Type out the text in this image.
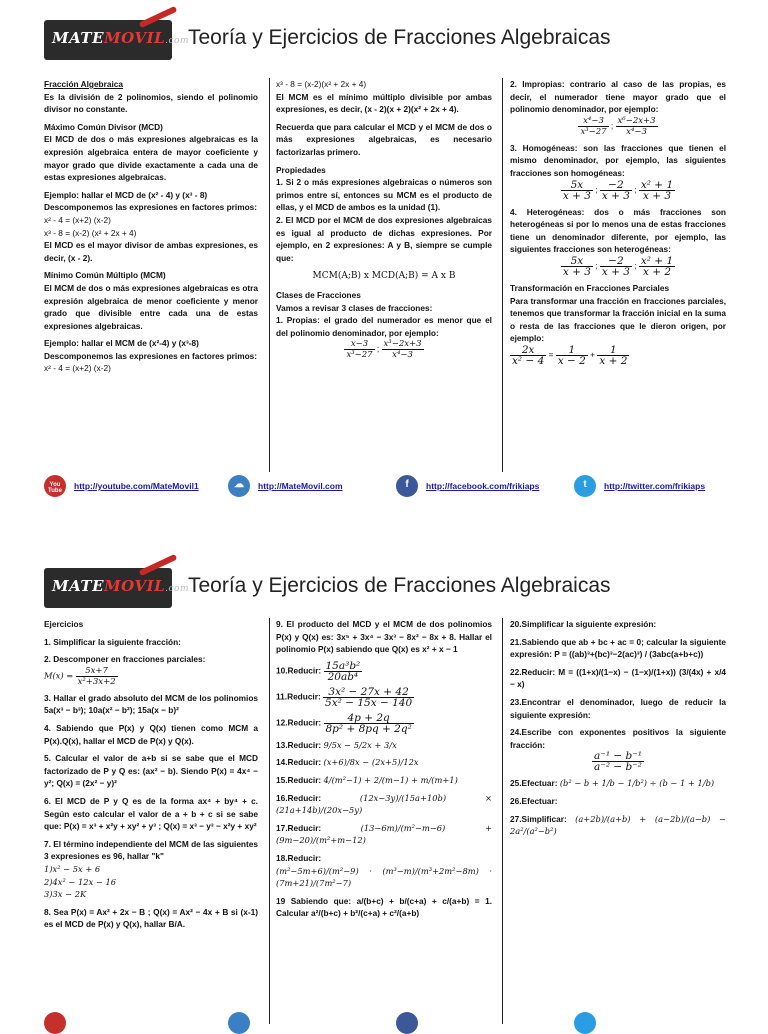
MATEMOVIL.com Teoría y Ejercicios de Fracciones Algebraicas
Fracción Algebraica
Es la división de 2 polinomios, siendo el polinomio divisor no constante.
Máximo Común Divisor (MCD)
El MCD de dos o más expresiones algebraicas es la expresión algebraica entera de mayor coeficiente y mayor grado que divide exactamente a cada una de estas expresiones algebraicas.
Ejemplo: hallar el MCD de (x² - 4) y (x³ - 8)
Descomponemos las expresiones en factores primos:
x² - 4 = (x+2) (x-2)
x³ - 8 = (x-2) (x² + 2x + 4)
El MCD es el mayor divisor de ambas expresiones, es decir, (x - 2).
Mínimo Común Múltiplo (MCM)
El MCM de dos o más expresiones algebraicas es otra expresión algebraica de menor coeficiente y menor grado que divisible entre cada una de estas expresiones algebraicas.
Ejemplo: hallar el MCM de (x²-4) y (x³-8)
Descomponemos las expresiones en factores primos:
x² - 4 = (x+2) (x-2)
x³ - 8 = (x-2)(x² + 2x + 4)
El MCM es el mínimo múltiplo divisible por ambas expresiones, es decir, (x - 2)(x + 2)(x² + 2x + 4).
Recuerda que para calcular el MCD y el MCM de dos o más expresiones algebraicas, es necesario factorizarlas primero.
Propiedades
1. Si 2 o más expresiones algebraicas o números son primos entre sí, entonces su MCM es el producto de ellas, y el MCD de ambos es la unidad (1).
2. El MCD por el MCM de dos expresiones algebraicas es igual al producto de dichas expresiones. Por ejemplo, en 2 expresiones: A y B, siempre se cumple que:
MCM(A;B) x MCD(A;B) = A x B
Clases de Fracciones
Vamos a revisar 3 clases de fracciones:
1. Propias: el grado del numerador es menor que el del polinomio denominador, por ejemplo:
$\frac{x-3}{\text{x³−27}}$ ; $\frac{\text{x³−2x+3}}{\text{x⁴−3}}$
2. Impropias: contrario al caso de las propias, es decir, el numerador tiene mayor grado que el polinomio denominador, por ejemplo:
$\frac{\text{x⁴−3}}{\text{x³−27}}$ ; $\frac{\text{x⁶−2x+3}}{\text{x⁴−3}}$
3. Homogéneas: son las fracciones que tienen el mismo denominador, por ejemplo, las siguientes fracciones son homogéneas:
$\frac{5x}{x + 3}$ ; $\frac{-2}{x + 3}$ ; $\frac{\text{x² + 1}}{x + 3}$
4. Heterogéneas: dos o más fracciones son heterogéneas si por lo menos una de estas fracciones tiene un denominador diferente, por ejemplo, las siguientes fracciones son heterogéneas:
$\frac{5x}{x + 3}$ ; $\frac{-2}{x + 3}$ ; $\frac{\text{x² + 1}}{x + 2}$
Transformación en Fracciones Parciales
Para transformar una fracción en fracciones parciales, tenemos que transformar la fracción inicial en la suma o resta de las fracciones que le dieron origen, por ejemplo:
$\frac{2x}{\text{x² − 4}} = \frac{1}{x - 2} + \frac{1}{x + 2}$
You Tube	http://youtube.com/MateMovil1	☁	http://MateMovil.com	f	http://facebook.com/frikiaps	t	http://twitter.com/frikiaps
MATEMOVIL.com Teoría y Ejercicios de Fracciones Algebraicas
Ejercicios
1. Simplificar la siguiente fracción:
2. Descomponer en fracciones parciales:
$M(x) = \frac{5x+7}{\text{x²+3x+2}}$
3. Hallar el grado absoluto del MCM de los polinomios 5a(x³ − b³); 10a(x² − b²); 15a(x − b)²
4. Sabiendo que P(x) y Q(x) tienen como MCM a P(x).Q(x), hallar el MCD de P(x) y Q(x).
5. Calcular el valor de a+b si se sabe que el MCD factorizado de P y Q es: (ax² − b). Siendo P(x) = 4x⁴ − y²; Q(x) = (2x² − y)²
6. El MCD de P y Q es de la forma ax⁴ + by⁴ + c. Según esto calcular el valor de a + b + c si se sabe que: P(x) = x³ + x²y + xy² + y³ ; Q(x) = x³ − y³ − x²y + xy²
7. El término independiente del MCM de las siguientes 3 expresiones es 96, hallar "k"
1)x² − 5x + 6
2)4x² − 12x − 16
3)3x − 2K
8. Sea P(x) = Ax² + 2x − B ; Q(x) = Ax² − 4x + B si (x-1) es el MCD de P(x) y Q(x), hallar B/A.
9. El producto del MCD y el MCM de dos polinomios P(x) y Q(x) es: 3x⁵ + 3x⁴ − 3x³ − 8x² − 8x + 8. Hallar el polinomio P(x) sabiendo que Q(x) es x² + x − 1
10.Reducir: $\frac{\text{15a³b²}}{\text{20ab⁴}}$
11.Reducir: $\frac{\text{3x² − 27x + 42}}{\text{5x² − 15x − 140}}$
12.Reducir: $\frac{4p + 2q}{\text{8p² + 8pq + 2q²}}$
13.Reducir: 9/5x − 5/2x + 3/x
14.Reducir: (x+6)/8x − (2x+5)/12x
15.Reducir: 4/(m²−1) + 2/(m−1) + m/(m+1)
16.Reducir:	(12x−3y)/(15a+10b) × (21a+14b)/(20x−5y)
17.Reducir:	(13−6m)/(m²−m−6) + (9m−20)/(m²+m−12)
18.Reducir:
(m²−5m+6)/(m²−9) · (m³−m)/(m³+2m²−8m) · (7m+21)/(7m²−7)
19 Sabiendo que: a/(b+c) + b/(c+a) + c/(a+b) = 1. Calcular a²/(b+c) + b²/(c+a) + c²/(a+b)
20.Simplificar la siguiente expresión:
21.Sabiendo que ab + bc + ac = 0; calcular la siguiente expresión: P = ((ab)³+(bc)³−2(ac)³) / (3abc(a+b+c))
22.Reducir: M = ((1+x)/(1−x) − (1−x)/(1+x)) (3/(4x) + x/4 − x)
23.Encontrar el denominador, luego de reducir la siguiente expresión:
24.Escribe con exponentes positivos la siguiente fracción:
$\frac{\text{a⁻¹ − b⁻¹}}{\text{a⁻² − b⁻²}}$
25.Efectuar: (b² − b + 1/b − 1/b²) ÷ (b − 1 + 1/b)
26.Efectuar:
27.Simplificar: (a+2b)/(a+b) + (a−2b)/(a−b) − 2a²/(a²−b²)
